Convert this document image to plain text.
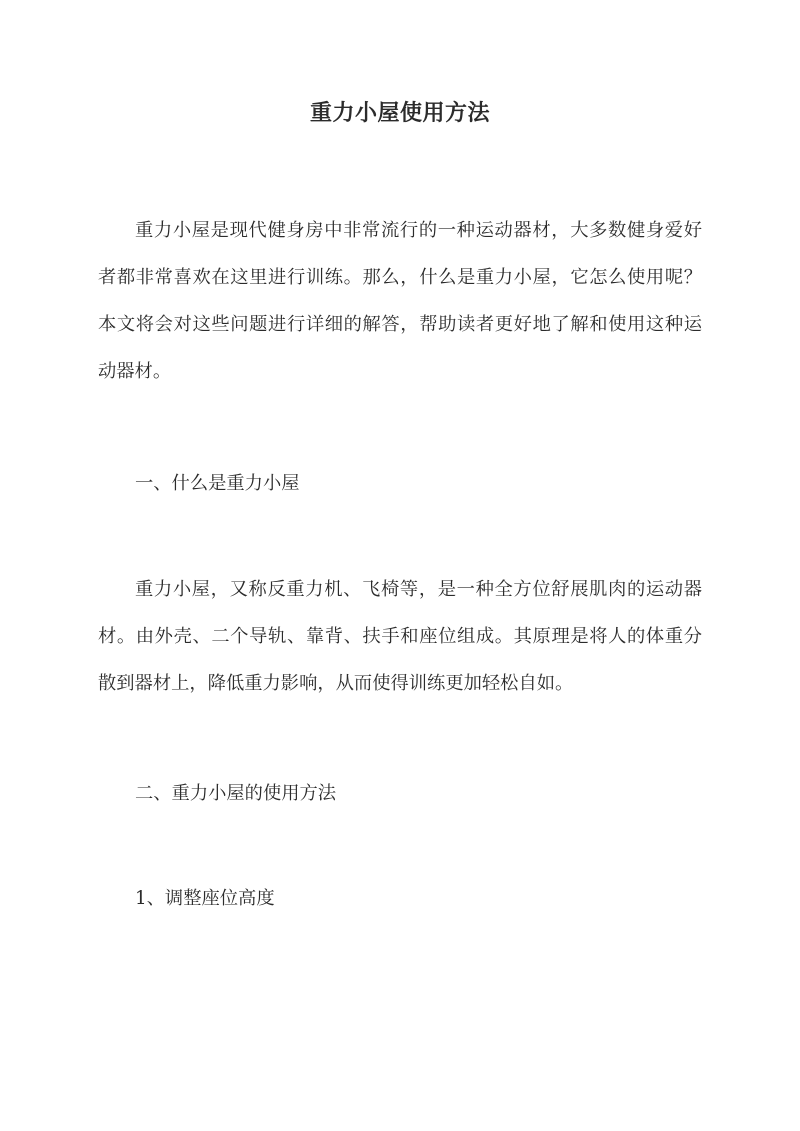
重力小屋使用方法
重力小屋是现代健身房中非常流行的一种运动器材，大多数健身爱好
者都非常喜欢在这里进行训练。那么，什么是重力小屋，它怎么使用呢？
本文将会对这些问题进行详细的解答，帮助读者更好地了解和使用这种运
动器材。
一、什么是重力小屋
重力小屋，又称反重力机、飞椅等，是一种全方位舒展肌肉的运动器
材。由外壳、二个导轨、靠背、扶手和座位组成。其原理是将人的体重分
散到器材上，降低重力影响，从而使得训练更加轻松自如。
二、重力小屋的使用方法
1、调整座位高度
